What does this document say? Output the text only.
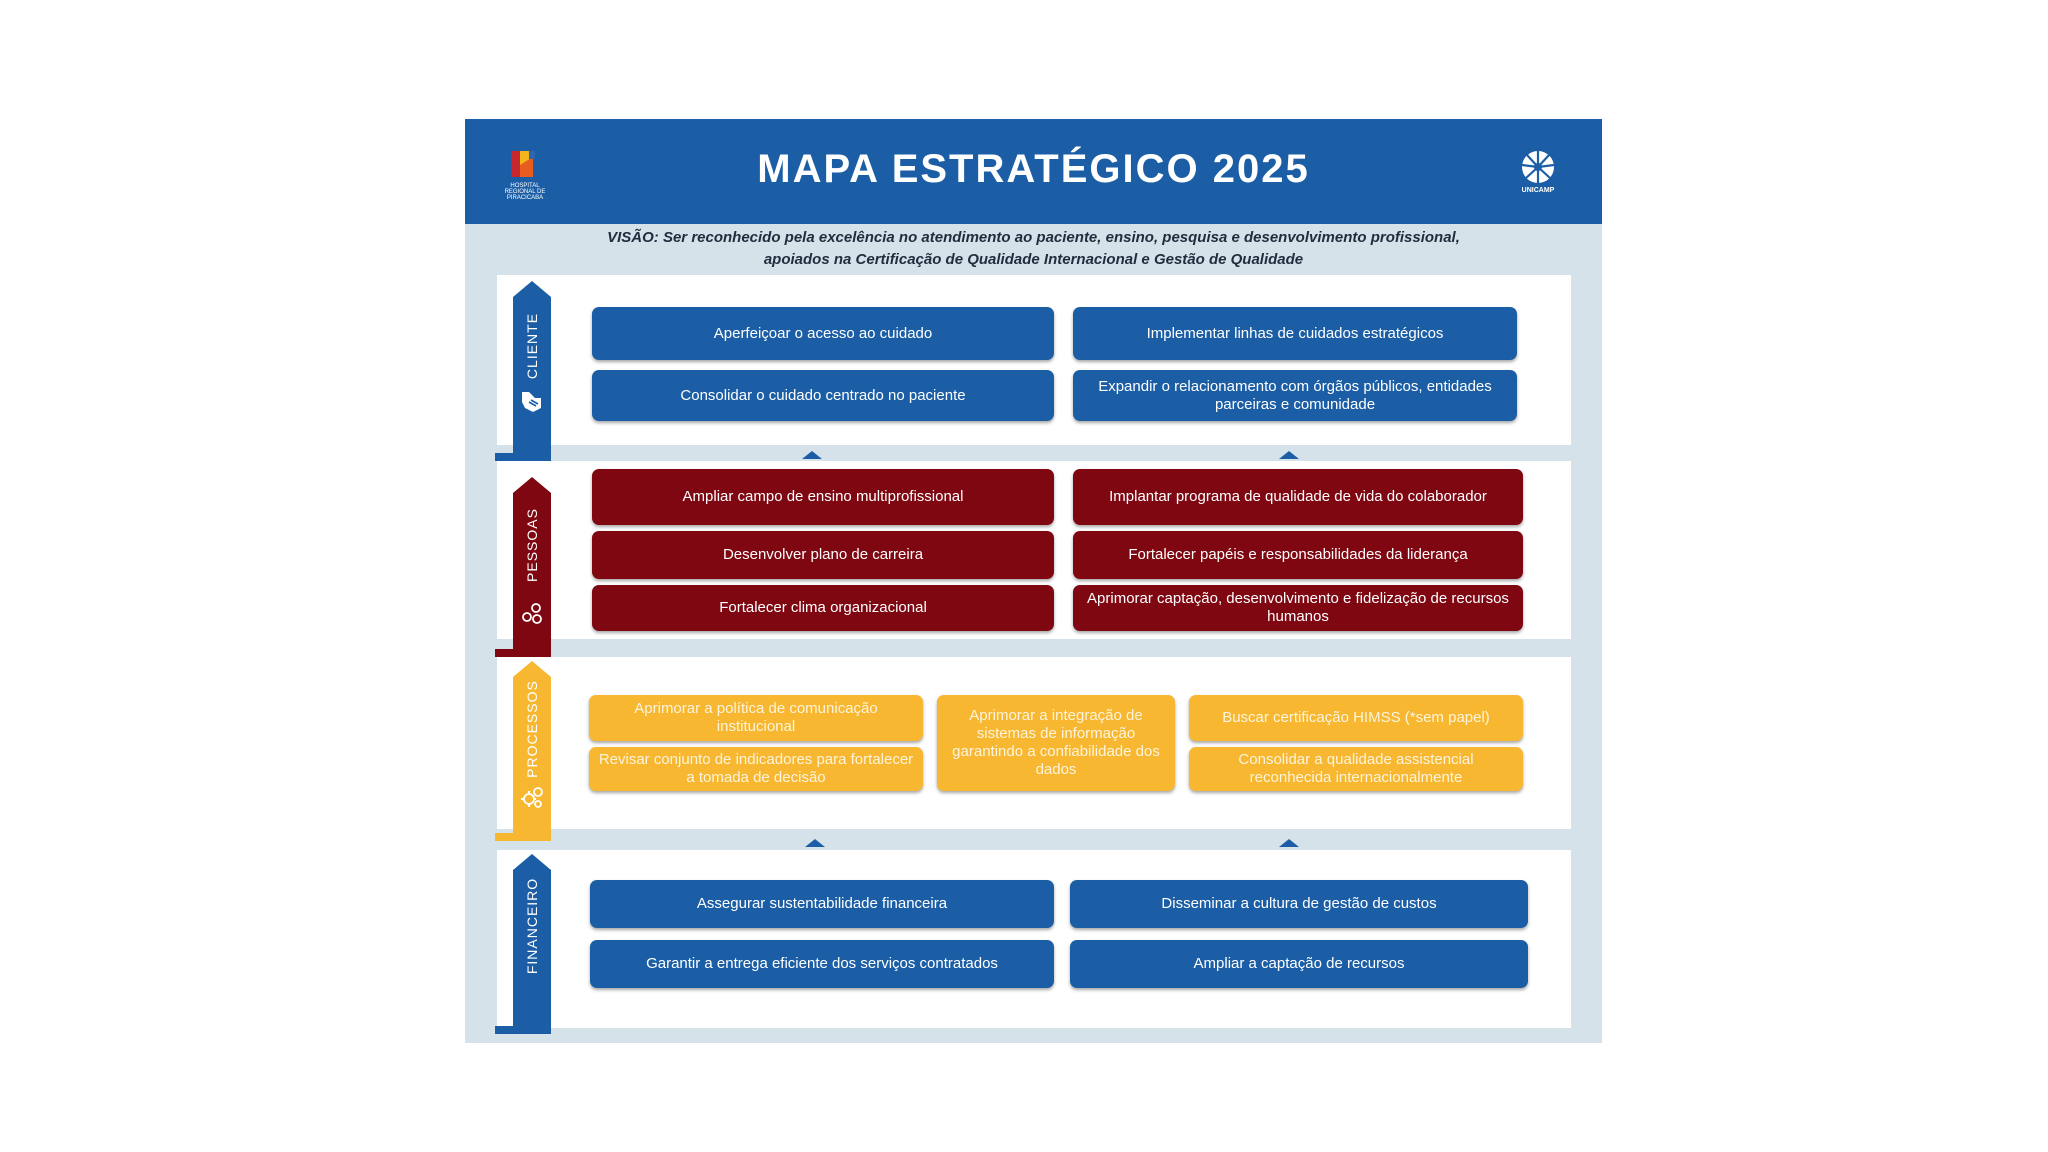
HOSPITAL REGIONAL DE PIRACICABA
MAPA ESTRATÉGICO 2025	UNICAMP
VISÃO: Ser reconhecido pela excelência no atendimento ao paciente, ensino, pesquisa e desenvolvimento profissional,
apoiados na Certificação de Qualidade Internacional e Gestão de Qualidade
CLIENTE	Aperfeiçoar o acesso ao cuidado	Implementar linhas de cuidados estratégicos
Consolidar o cuidado centrado no paciente
Expandir o relacionamento com órgãos públicos, entidades parceiras e comunidade
PESSOAS
Ampliar campo de ensino multiprofissional	Implantar programa de qualidade de vida do colaborador
Desenvolver plano de carreira	Fortalecer papéis e responsabilidades da liderança
Fortalecer clima organizacional
Aprimorar captação, desenvolvimento e fidelização de recursos humanos
PROCESSOS	Aprimorar a política de comunicação institucional
Revisar conjunto de indicadores para fortalecer a tomada de decisão
Aprimorar a integração de sistemas de informação garantindo a confiabilidade dos dados
Buscar certificação HIMSS (*sem papel)
Consolidar a qualidade assistencial reconhecida internacionalmente
FINANCEIRO	Assegurar sustentabilidade financeira	Disseminar a cultura de gestão de custos
Garantir a entrega eficiente dos serviços contratados	Ampliar a captação de recursos
